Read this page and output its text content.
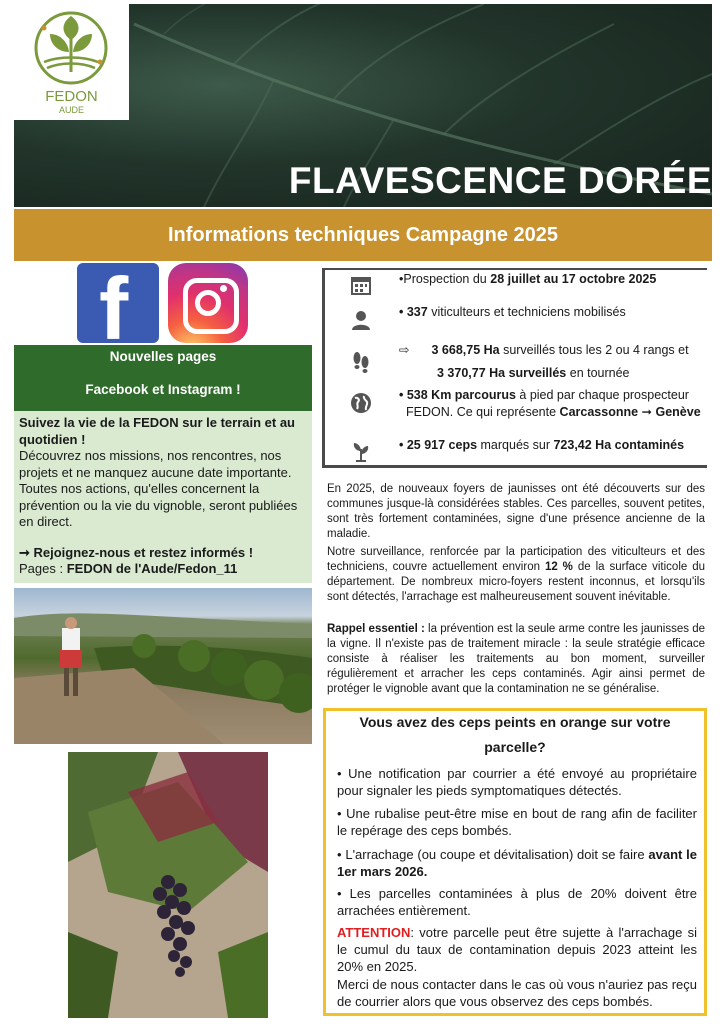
FEDON
AUDE
FLAVESCENCE DORÉE
Informations techniques Campagne 2025
f
Nouvelles pages
Facebook et Instagram !

Suivez la vie de la FEDON sur le terrain et au quotidien !

Découvrez nos missions, nos rencontres, nos projets et ne manquez aucune date importante. Toutes nos actions, qu'elles concernent la prévention ou la vie du vignoble, seront publiées en direct.

➞ Rejoignez-nous et restez informés !

Pages : FEDON de l'Aude/Fedon_11

•Prospection du 28 juillet au 17 octobre 2025
• 337 viticulteurs et techniciens mobilisés
⇨ 3 668,75 Ha surveillés tous les 2 ou 4 rangs et
3 370,77 Ha surveillés en tournée
• 538 Km parcourus à pied par chaque prospecteur
FEDON. Ce qui représente Carcassonne ➞ Genève
• 25 917 ceps marqués sur 723,42 Ha contaminés

En 2025, de nouveaux foyers de jaunisses ont été découverts sur des communes jusque-là considérées stables. Ces parcelles, souvent petites, sont très fortement contaminées, signe d'une présence ancienne de la maladie.

Notre surveillance, renforcée par la participation des viticulteurs et des techniciens, couvre actuellement environ 12 % de la surface viticole du département. De nombreux micro-foyers restent inconnus, et lorsqu'ils sont détectés, l'arrachage est malheureusement souvent inévitable.

Rappel essentiel : la prévention est la seule arme contre les jaunisses de la vigne. Il n'existe pas de traitement miracle : la seule stratégie efficace consiste à réaliser les traitements au bon moment, surveiller régulièrement et arracher les ceps contaminés. Agir ainsi permet de protéger le vignoble avant que la contamination ne se généralise.

Vous avez des ceps peints en orange sur votre
parcelle?
• Une notification par courrier a été envoyé au propriétaire pour signaler les pieds symptomatiques détectés.
• Une rubalise peut-être mise en bout de rang afin de faciliter le repérage des ceps bombés.
• L'arrachage (ou coupe et dévitalisation) doit se faire avant le 1er mars 2026.
• Les parcelles contaminées à plus de 20% doivent être arrachées entièrement.
ATTENTION: votre parcelle peut être sujette à l'arrachage si le cumul du taux de contamination depuis 2023 atteint les 20% en 2025.
Merci de nous contacter dans le cas où vous n'auriez pas reçu de courrier alors que vous observez des ceps bombés.
